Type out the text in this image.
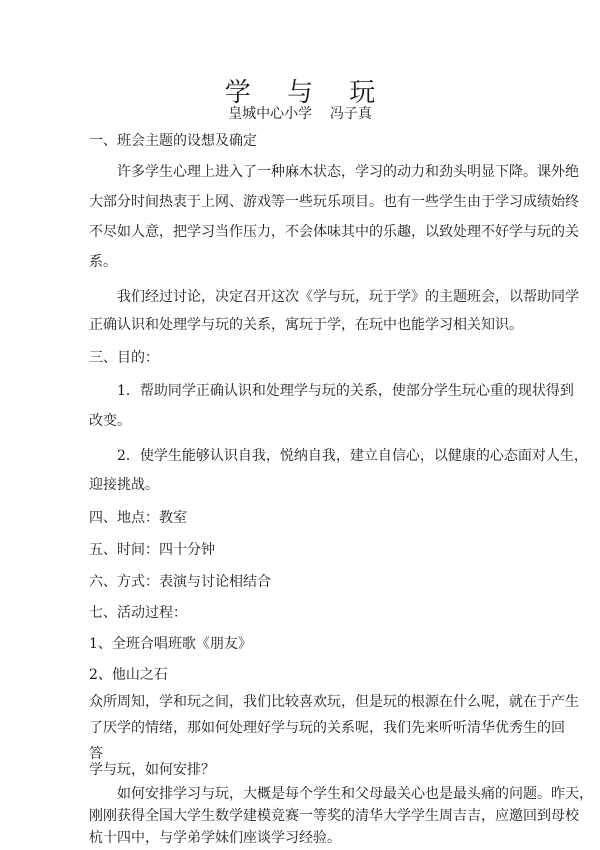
学 与 玩
皇城中心小学    冯子真
一、班会主题的设想及确定
许多学生心理上进入了一种麻木状态，学习的动力和劲头明显下降。课外绝
大部分时间热衷于上网、游戏等一些玩乐项目。也有一些学生由于学习成绩始终
不尽如人意，把学习当作压力，不会体味其中的乐趣，以致处理不好学与玩的关
系。
我们经过讨论，决定召开这次《学与玩，玩于学》的主题班会，以帮助同学
正确认识和处理学与玩的关系，寓玩于学，在玩中也能学习相关知识。
三、目的：
1．帮助同学正确认识和处理学与玩的关系，使部分学生玩心重的现状得到
改变。
2．使学生能够认识自我，悦纳自我，建立自信心，以健康的心态面对人生，
迎接挑战。
四、地点：教室
五、时间：四十分钟
六、方式：表演与讨论相结合
七、活动过程：
1、全班合唱班歌《朋友》
2、他山之石
众所周知，学和玩之间，我们比较喜欢玩，但是玩的根源在什么呢，就在于产生
了厌学的情绪，那如何处理好学与玩的关系呢，我们先来听听清华优秀生的回
答
学与玩，如何安排？
如何安排学习与玩，大概是每个学生和父母最关心也是最头痛的问题。昨天，
刚刚获得全国大学生数学建模竞赛一等奖的清华大学学生周吉吉，应邀回到母校
杭十四中，与学弟学妹们座谈学习经验。
